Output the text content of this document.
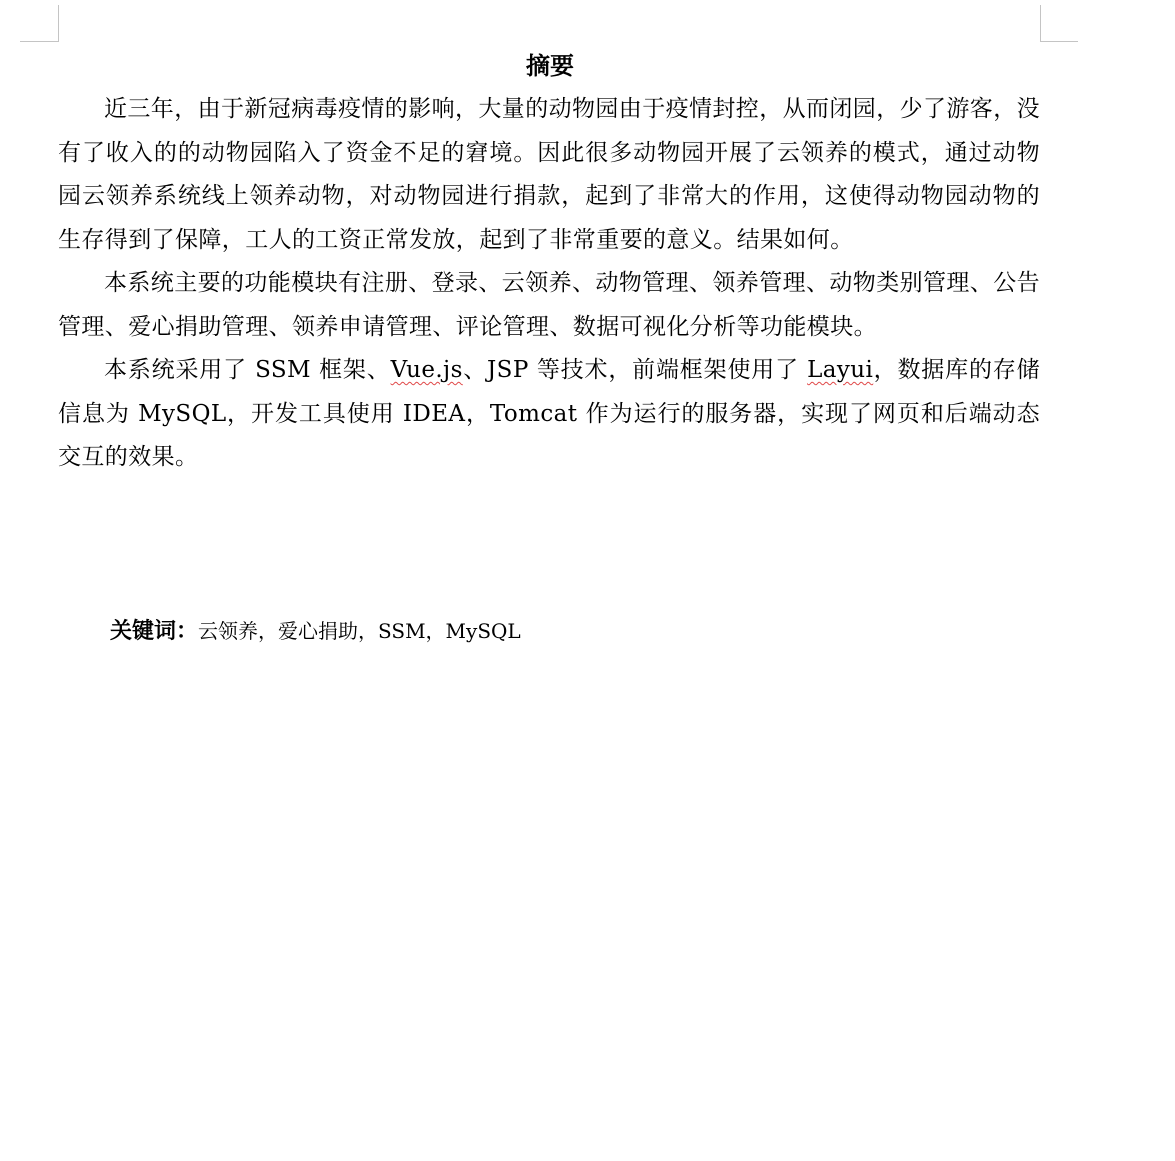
摘要

近三年，由于新冠病毒疫情的影响，大量的动物园由于疫情封控，从而闭园，少了游客，没有了收入的的动物园陷入了资金不足的窘境。因此很多动物园开展了云领养的模式，通过动物园云领养系统线上领养动物，对动物园进行捐款，起到了非常大的作用，这使得动物园动物的生存得到了保障，工人的工资正常发放，起到了非常重要的意义。结果如何。

本系统主要的功能模块有注册、登录、云领养、动物管理、领养管理、动物类别管理、公告管理、爱心捐助管理、领养申请管理、评论管理、数据可视化分析等功能模块。

本系统采用了 SSM 框架、Vue.js、JSP 等技术，前端框架使用了 Layui，数据库的存储信息为 MySQL，开发工具使用 IDEA，Tomcat 作为运行的服务器，实现了网页和后端动态交互的效果。

关键词：云领养，爱心捐助，SSM，MySQL
